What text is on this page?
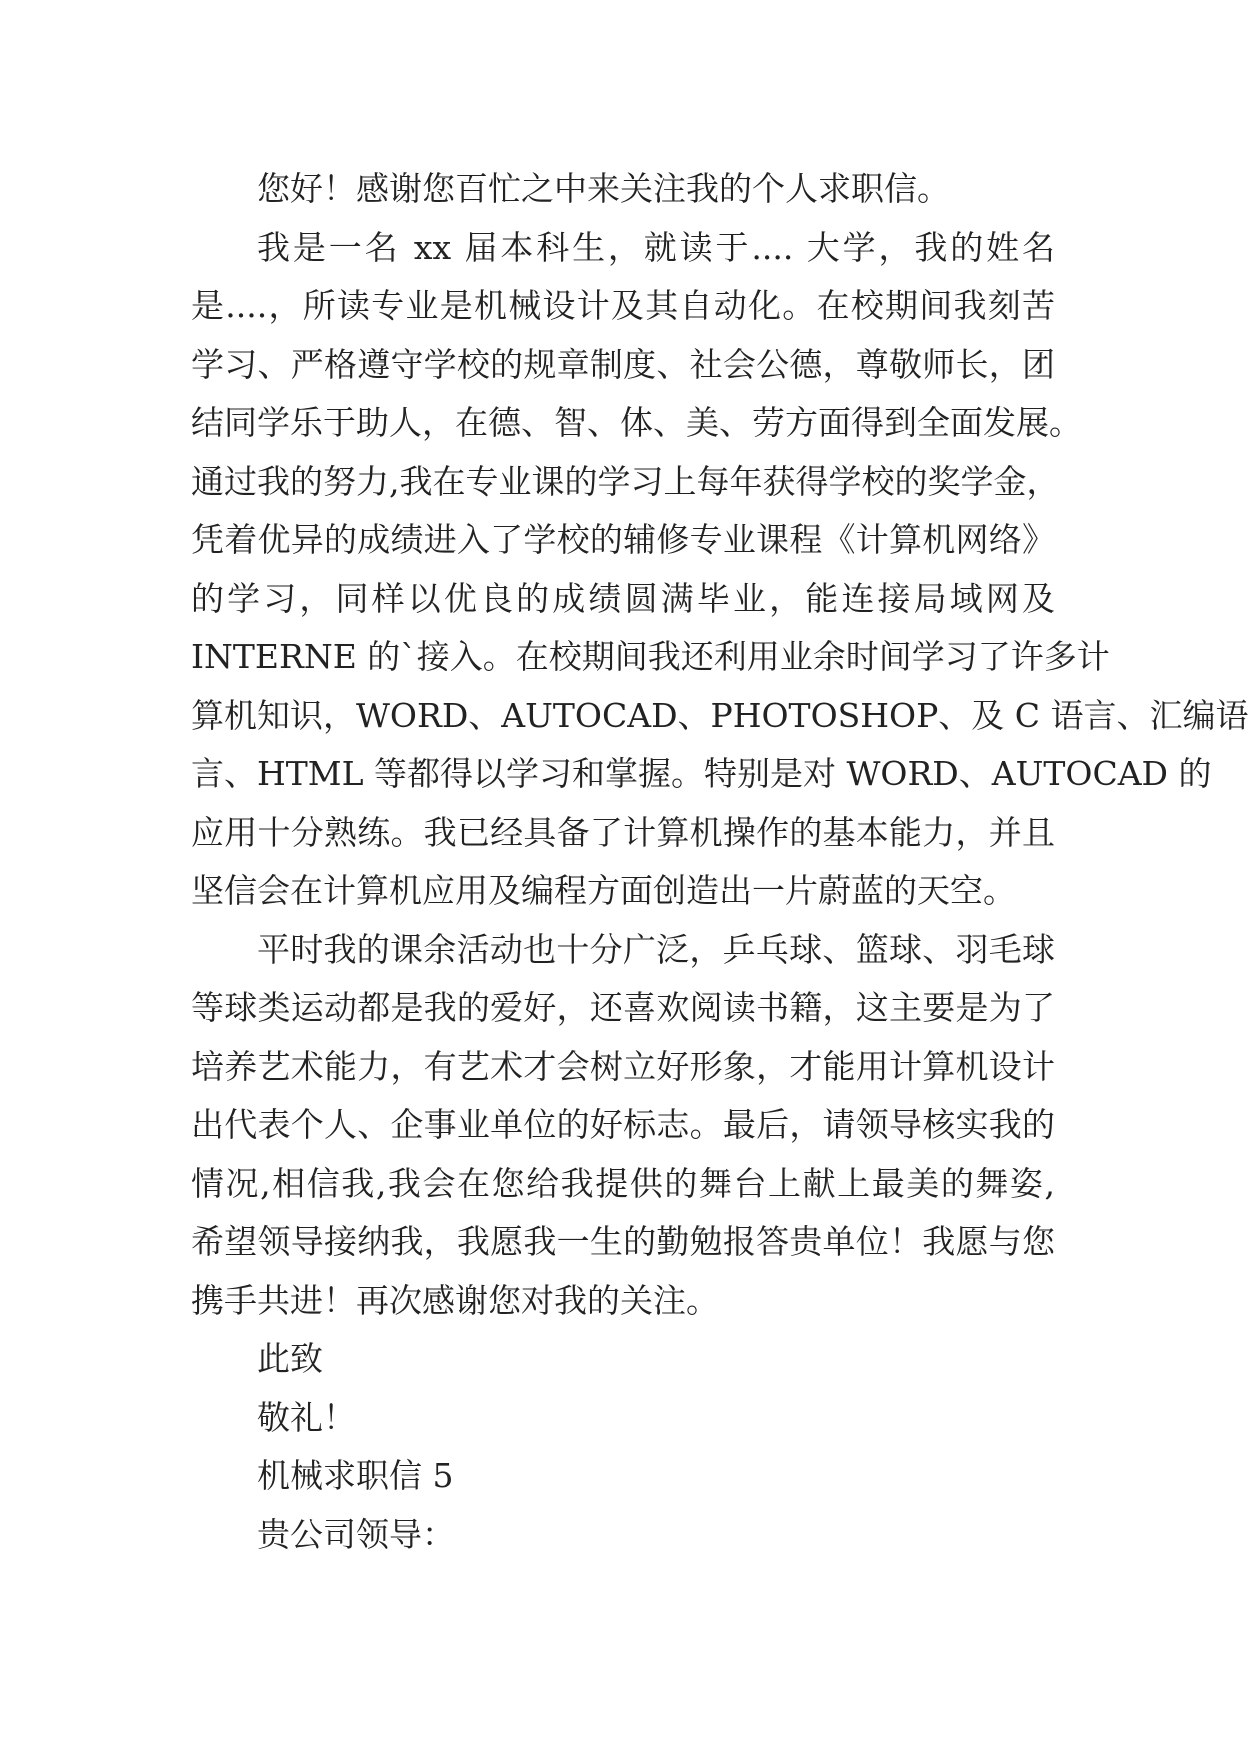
您好！感谢您百忙之中来关注我的个人求职信。
我是一名 xx 届本科生，就读于.... 大学，我的姓名
是....，所读专业是机械设计及其自动化。在校期间我刻苦
学习、严格遵守学校的规章制度、社会公德，尊敬师长，团
结同学乐于助人，在德、智、体、美、劳方面得到全面发展。
通过我的努力,我在专业课的学习上每年获得学校的奖学金，
凭着优异的成绩进入了学校的辅修专业课程《计算机网络》
的学习，同样以优良的成绩圆满毕业，能连接局域网及
INTERNE 的`接入。在校期间我还利用业余时间学习了许多计
算机知识，WORD、AUTOCAD、PHOTOSHOP、及 C 语言、汇编语
言、HTML 等都得以学习和掌握。特别是对 WORD、AUTOCAD 的
应用十分熟练。我已经具备了计算机操作的基本能力，并且
坚信会在计算机应用及编程方面创造出一片蔚蓝的天空。
平时我的课余活动也十分广泛，乒乓球、篮球、羽毛球
等球类运动都是我的爱好，还喜欢阅读书籍，这主要是为了
培养艺术能力，有艺术才会树立好形象，才能用计算机设计
出代表个人、企事业单位的好标志。最后，请领导核实我的
情况,相信我,我会在您给我提供的舞台上献上最美的舞姿,
希望领导接纳我，我愿我一生的勤勉报答贵单位！我愿与您
携手共进！再次感谢您对我的关注。
此致
敬礼！
机械求职信 5
贵公司领导：
